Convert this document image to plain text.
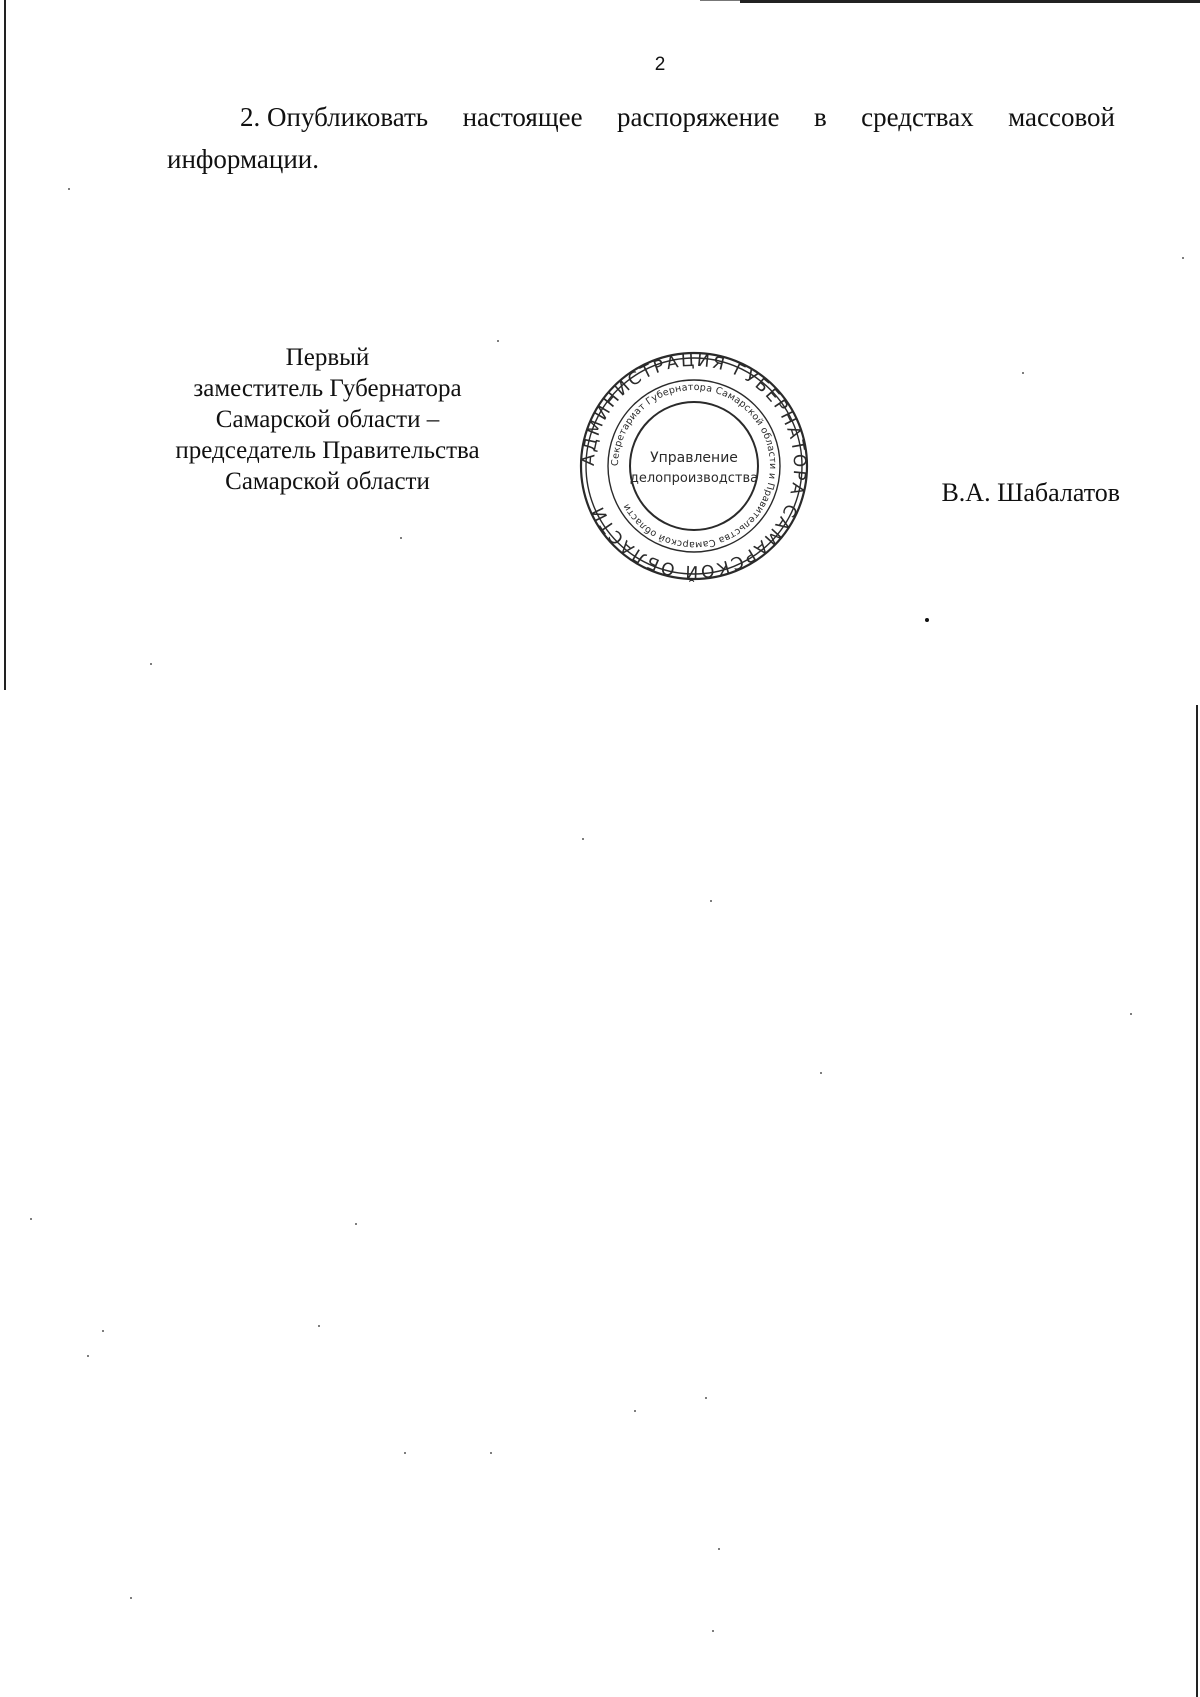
2
2. Опубликовать настоящее распоряжение в средствах массовой
информации.
Первый
заместитель Губернатора
Самарской области –
председатель Правительства
Самарской области
АДМИНИСТРАЦИЯ ГУБЕРНАТОРА САМАРСКОЙ ОБЛАСТИ
Секретариат Губернатора Самарской области и Правительства Самарской области
Управление
делопроизводства	В.А. Шабалатов
